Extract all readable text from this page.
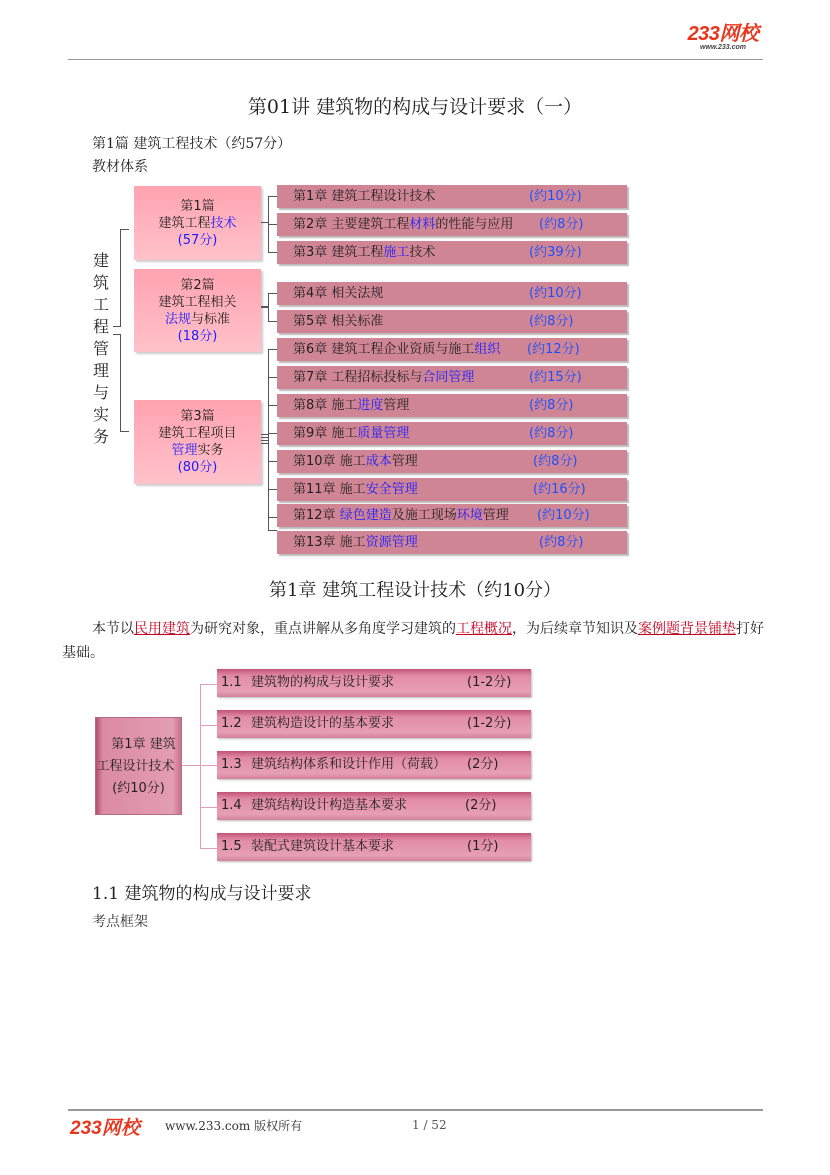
233网校
www.233.com
第01讲 建筑物的构成与设计要求（一）
第1篇 建筑工程技术（约57分）
教材体系
建筑工程管理与实务
第1篇
建筑工程技术
(57分)
第2篇
建筑工程相关
法规与标准
(18分)
第3篇
建筑工程项目
管理实务
(80分)
第1章 建筑工程设计技术	(约10分)
第2章 主要建筑工程材料的性能与应用 (约8分)
第3章 建筑工程施工技术	(约39分)
第4章 相关法规	(约10分)
第5章 相关标准	(约8分)
第6章 建筑工程企业资质与施工组织 (约12分)
第7章 工程招标投标与合同管理	(约15分)
第8章 施工进度管理	(约8分)
第9章 施工质量管理	(约8分)
第10章 施工成本管理	(约8分)
第11章 施工安全管理	(约16分)
第12章 绿色建造及施工现场环境管理 (约10分)
第13章 施工资源管理	(约8分)
第1章 建筑工程设计技术（约10分）
本节以民用建筑为研究对象，重点讲解从多角度学习建筑的工程概况，为后续章节知识及案例题背景铺垫打好基础。
第1章 建筑
工程设计技术
(约10分)
1.1 建筑物的构成与设计要求	(1-2分)
1.2 建筑构造设计的基本要求	(1-2分)
1.3 建筑结构体系和设计作用（荷载） (2分)
1.4 建筑结构设计构造基本要求	(2分)
1.5 装配式建筑设计基本要求	(1分)
1.1 建筑物的构成与设计要求
考点框架
233网校 www.233.com 版权所有	1 / 52
